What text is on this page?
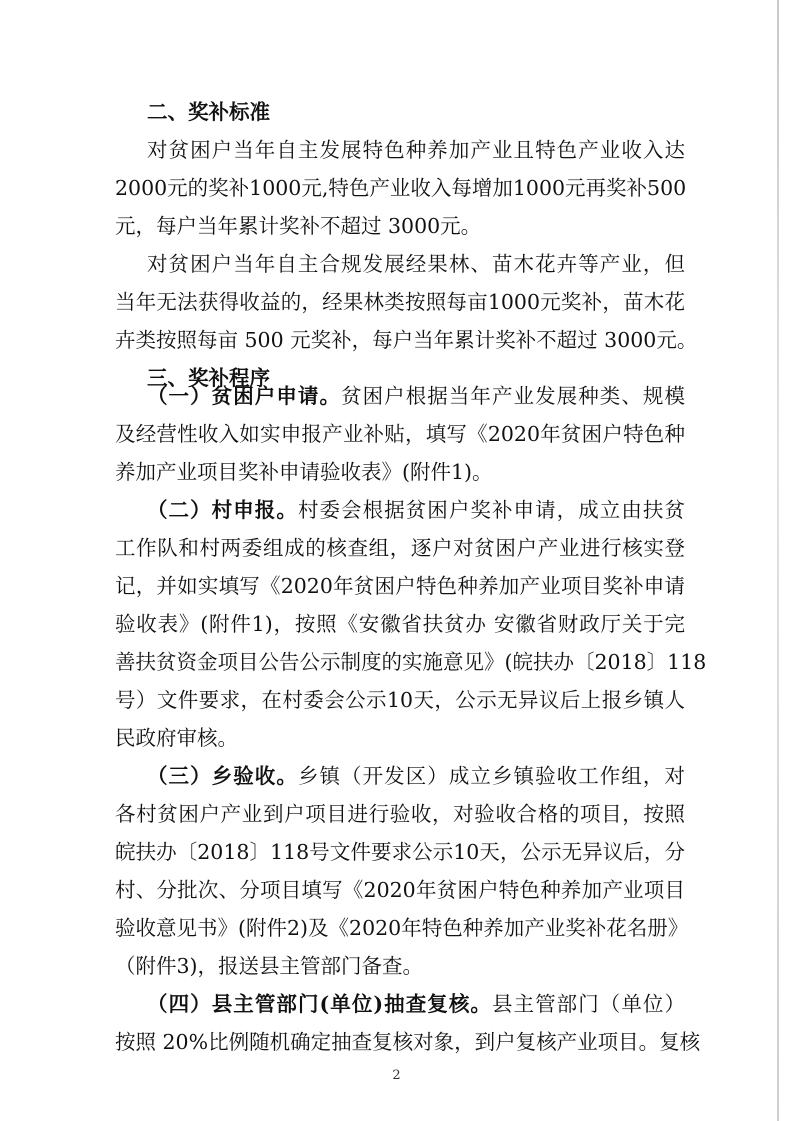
二、奖补标准
对贫困户当年自主发展特色种养加产业且特色产业收入达
2000元的奖补1000元,特色产业收入每增加1000元再奖补500
元，每户当年累计奖补不超过 3000元。
对贫困户当年自主合规发展经果林、苗木花卉等产业，但
当年无法获得收益的，经果林类按照每亩1000元奖补，苗木花
卉类按照每亩 500 元奖补，每户当年累计奖补不超过 3000元。
三、奖补程序
（一）贫困户申请。贫困户根据当年产业发展种类、规模
及经营性收入如实申报产业补贴，填写《2020年贫困户特色种
养加产业项目奖补申请验收表》(附件1)。
（二）村申报。村委会根据贫困户奖补申请，成立由扶贫
工作队和村两委组成的核查组，逐户对贫困户产业进行核实登
记，并如实填写《2020年贫困户特色种养加产业项目奖补申请
验收表》(附件1)，按照《安徽省扶贫办 安徽省财政厅关于完
善扶贫资金项目公告公示制度的实施意见》(皖扶办〔2018〕118
号）文件要求，在村委会公示10天，公示无异议后上报乡镇人
民政府审核。
（三）乡验收。乡镇（开发区）成立乡镇验收工作组，对
各村贫困户产业到户项目进行验收，对验收合格的项目，按照
皖扶办〔2018〕118号文件要求公示10天，公示无异议后，分
村、分批次、分项目填写《2020年贫困户特色种养加产业项目
验收意见书》(附件2)及《2020年特色种养加产业奖补花名册》
（附件3)，报送县主管部门备查。
（四）县主管部门(单位)抽查复核。县主管部门（单位）
按照 20%比例随机确定抽查复核对象，到户复核产业项目。复核
2
